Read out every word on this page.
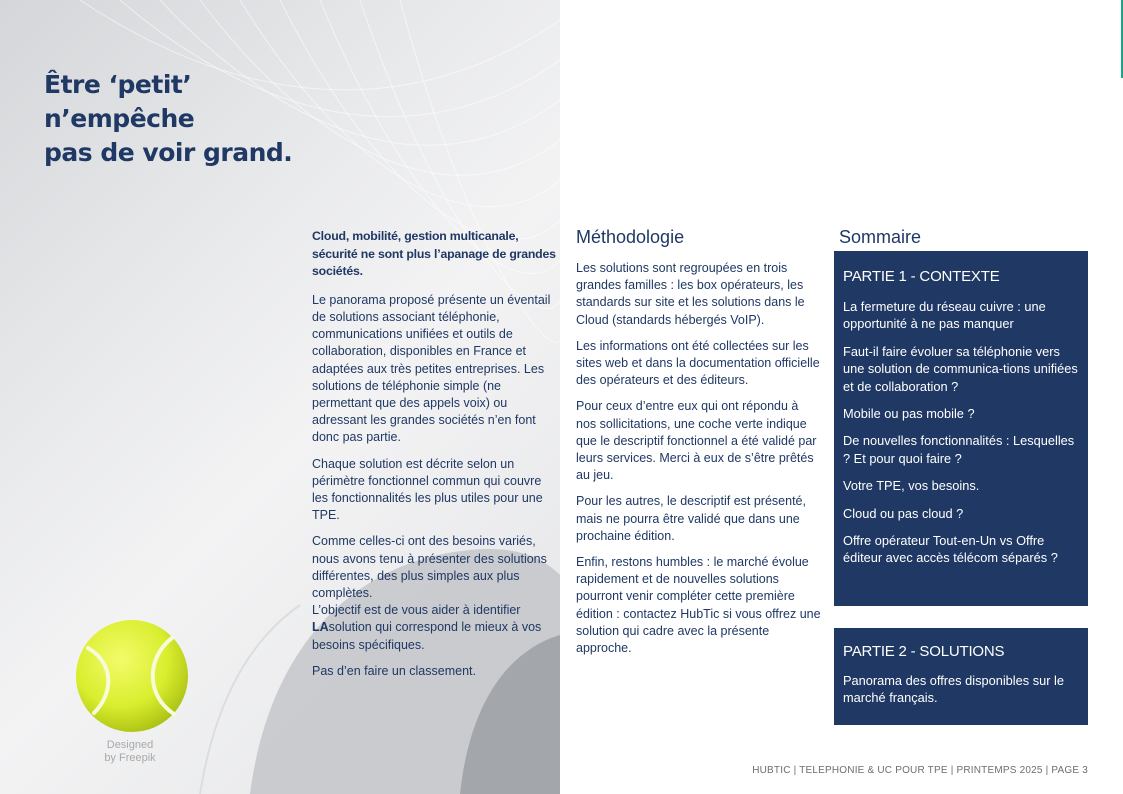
Être ‘petit’ n’empêche
pas de voir grand.
Designed
by Freepik

Cloud, mobilité, gestion multicanale, sécurité ne sont plus l’apanage de grandes sociétés.

Le panorama proposé présente un éventail de solutions associant téléphonie, communications unifiées et outils de collaboration, disponibles en France et adaptées aux très petites entreprises. Les solutions de téléphonie simple (ne permettant que des appels voix) ou adressant les grandes sociétés n’en font donc pas partie.

Chaque solution est décrite selon un périmètre fonctionnel commun qui couvre les fonctionnalités les plus utiles pour une TPE.

Comme celles-ci ont des besoins variés, nous avons tenu à présenter des solutions différentes, des plus simples aux plus complètes.
L’objectif est de vous aider à identifier LAsolution qui correspond le mieux à vos besoins spécifiques.

Pas d’en faire un classement.

Méthodologie

Les solutions sont regroupées en trois grandes familles : les box opérateurs, les standards sur site et les solutions dans le Cloud (standards hébergés VoIP).

Les informations ont été collectées sur les sites web et dans la documentation officielle des opérateurs et des éditeurs.

Pour ceux d’entre eux qui ont répondu à nos sollicitations, une coche verte indique que le descriptif fonctionnel a été validé par leurs services. Merci à eux de s’être prêtés au jeu.

Pour les autres, le descriptif est présenté, mais ne pourra être validé que dans une prochaine édition.

Enfin, restons humbles : le marché évolue rapidement et de nouvelles solutions pourront venir compléter cette première édition : contactez HubTic si vous offrez une solution qui cadre avec la présente approche.

Sommaire
PARTIE 1 - CONTEXTE

La fermeture du réseau cuivre : une opportunité à ne pas manquer

Faut-il faire évoluer sa téléphonie vers une solution de communica-tions unifiées et de collaboration ?

Mobile ou pas mobile ?

De nouvelles fonctionnalités : Lesquelles ? Et pour quoi faire ?

Votre TPE, vos besoins.

Cloud ou pas cloud ?

Offre opérateur Tout-en-Un vs Offre éditeur avec accès télécom séparés ?

PARTIE 2 - SOLUTIONS

Panorama des offres disponibles sur le marché français.

HUBTIC | TELEPHONIE & UC POUR TPE | PRINTEMPS 2025 | PAGE 3
